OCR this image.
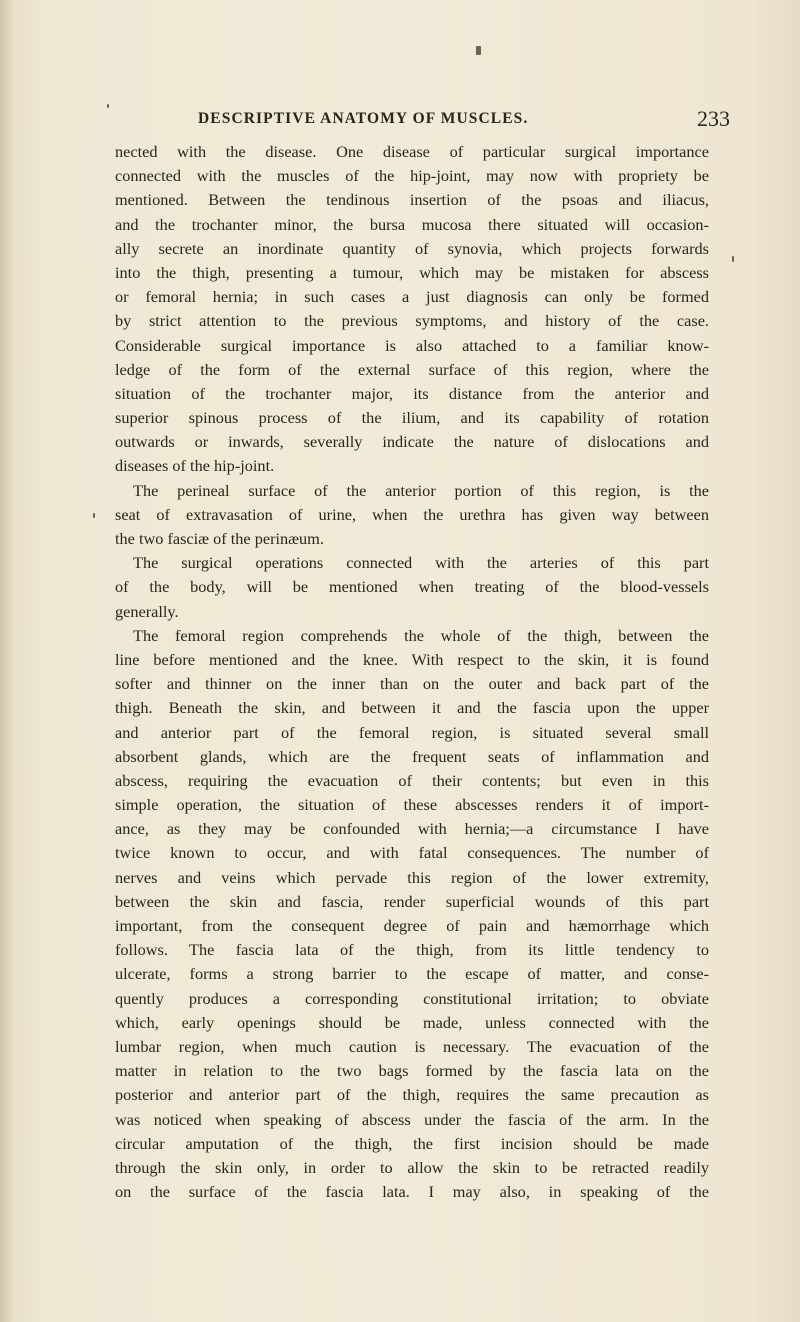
DESCRIPTIVE ANATOMY OF MUSCLES.	233
nected with the disease. One disease of particular surgical importance
connected with the muscles of the hip-joint, may now with propriety be
mentioned. Between the tendinous insertion of the psoas and iliacus,
and the trochanter minor, the bursa mucosa there situated will occasion-
ally secrete an inordinate quantity of synovia, which projects forwards
into the thigh, presenting a tumour, which may be mistaken for abscess
or femoral hernia; in such cases a just diagnosis can only be formed
by strict attention to the previous symptoms, and history of the case.
Considerable surgical importance is also attached to a familiar know-
ledge of the form of the external surface of this region, where the
situation of the trochanter major, its distance from the anterior and
superior spinous process of the ilium, and its capability of rotation
outwards or inwards, severally indicate the nature of dislocations and
diseases of the hip-joint.
The perineal surface of the anterior portion of this region, is the
seat of extravasation of urine, when the urethra has given way between
the two fasciæ of the perinæum.
The surgical operations connected with the arteries of this part
of the body, will be mentioned when treating of the blood-vessels
generally.
The femoral region comprehends the whole of the thigh, between the
line before mentioned and the knee. With respect to the skin, it is found
softer and thinner on the inner than on the outer and back part of the
thigh. Beneath the skin, and between it and the fascia upon the upper
and anterior part of the femoral region, is situated several small
absorbent glands, which are the frequent seats of inflammation and
abscess, requiring the evacuation of their contents; but even in this
simple operation, the situation of these abscesses renders it of import-
ance, as they may be confounded with hernia;—a circumstance I have
twice known to occur, and with fatal consequences. The number of
nerves and veins which pervade this region of the lower extremity,
between the skin and fascia, render superficial wounds of this part
important, from the consequent degree of pain and hæmorrhage which
follows. The fascia lata of the thigh, from its little tendency to
ulcerate, forms a strong barrier to the escape of matter, and conse-
quently produces a corresponding constitutional irritation; to obviate
which, early openings should be made, unless connected with the
lumbar region, when much caution is necessary. The evacuation of the
matter in relation to the two bags formed by the fascia lata on the
posterior and anterior part of the thigh, requires the same precaution as
was noticed when speaking of abscess under the fascia of the arm. In the
circular amputation of the thigh, the first incision should be made
through the skin only, in order to allow the skin to be retracted readily
on the surface of the fascia lata. I may also, in speaking of the
